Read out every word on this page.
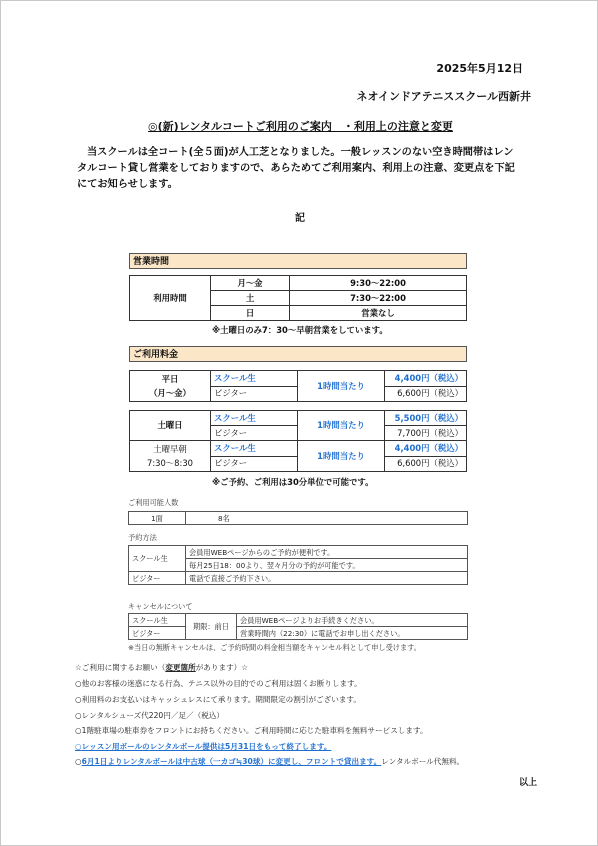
2025年5月12日
ネオインドアテニススクール西新井
◎(新)レンタルコートご利用のご案内　・利用上の注意と変更
当スクールは全コート(全５面)が人工芝となりました。一般レッスンのない空き時間帯はレン
タルコート貸し営業をしておりますので、あらためてご利用案内、利用上の注意、変更点を下記
にてお知らせします。
記
営業時間
利用時間	月～金	9:30～22:00
	土	7:30～22:00
	日	営業なし
※土曜日のみ7：30～早朝営業をしています。
ご利用料金
平日
（月～金）	スクール生	1時間当たり	4,400円（税込）
	ビジター		6,600円（税込）
土曜日	スクール生	1時間当たり	5,500円（税込）
	ビジター		7,700円（税込）
土曜早朝
7:30～8:30	スクール生	1時間当たり	4,400円（税込）
	ビジター		6,600円（税込）
※ご予約、ご利用は30分単位で可能です。
ご利用可能人数
1面	8名
予約方法
スクール生	会員用WEBページからのご予約が便利です。
	毎月25日18：00より、翌々月分の予約が可能です。
ビジター	電話で直接ご予約下さい。
キャンセルについて
スクール生	期限：前日	会員用WEBページよりお手続きください。
ビジター		営業時間内（22:30）に電話でお申し出ください。
※当日の無断キャンセルは、ご予約時間の料金相当額をキャンセル料として申し受けます。
☆ご利用に関するお願い（変更箇所があります）☆
○他のお客様の迷惑になる行為、テニス以外の目的でのご利用は固くお断りします。
○利用料のお支払いはキャッシュレスにて承ります。期間限定の割引がございます。
○レンタルシューズ代220円／足／（税込）
○1階駐車場の駐車券をフロントにお持ちください。ご利用時間に応じた駐車料を無料サービスします。
○レッスン用ボールのレンタルボール提供は5月31日をもって終了します。
○6月1日よりレンタルボールは中古球（一カゴ≒30球）に変更し、フロントで貸出ます。レンタルボール代無料。
以上
